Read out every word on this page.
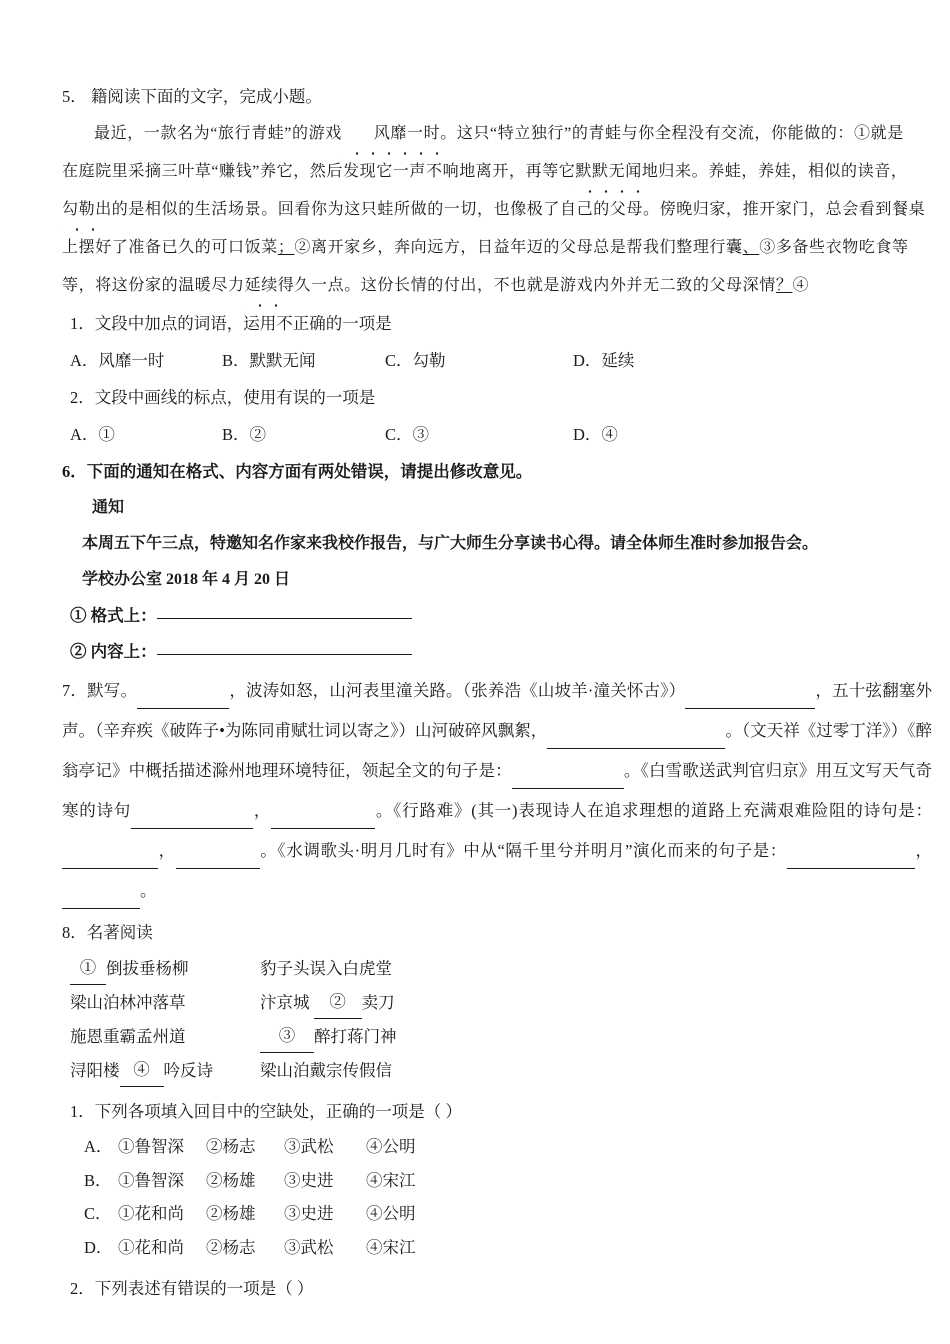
5． 籍阅读下面的文字，完成小题。

最近，一款名为“旅行青蛙”的游戏 风靡一时。这只“特立独行”的青蛙与你全程没有交流，你能做的：①就是

在庭院里采摘三叶草“赚钱”养它，然后发现它一声不响地离开，再等它默默无闻地归来。养蛙，养娃，相似的读音，

勾勒出的是相似的生活场景。回看你为这只蛙所做的一切，也像极了自己的父母。傍晚归家，推开家门，总会看到餐桌

上摆好了准备已久的可口饭菜；②离开家乡，奔向远方，日益年迈的父母总是帮我们整理行囊、③多备些衣物吃食等

等，将这份家的温暖尽力延续得久一点。这份长情的付出，不也就是游戏内外并无二致的父母深情？④

1．文段中加点的词语，运用不正确的一项是
A．风靡一时	B．默默无闻	C．勾勒	D．延续
2．文段中画线的标点，使用有误的一项是
A．①	B．②	C．③	D．④
6．下面的通知在格式、内容方面有两处错误，请提出修改意见。
通知
本周五下午三点，特邀知名作家来我校作报告，与广大师生分享读书心得。请全体师生准时参加报告会。
学校办公室 2018 年 4 月 20 日
① 格式上：
② 内容上：
7．默写。	，波涛如怒，山河表里潼关路。（张养浩《山坡羊·潼关怀古》）	，五十弦翻塞外声。（辛弃疾《破阵子•为陈同甫赋壮词以寄之》）山河破碎风飘絮，	。（文天祥《过零丁洋》）《醉翁亭记》中概括描述滁州地理环境特征，领起全文的句子是：	。《白雪歌送武判官归京》用互文写天气奇寒的诗句	，	。《行路难》(其一)表现诗人在追求理想的道路上充满艰难险阻的诗句是： ，	。《水调歌头·明月几时有》中从“隔千里兮并明月”演化而来的句子是：	， 。
8．名著阅读
① 倒拔垂杨柳	豹子头误入白虎堂
梁山泊林冲落草	汴京城 ② 卖刀
施恩重霸孟州道	③ 醉打蒋门神
浔阳楼 ④ 吟反诗	梁山泊戴宗传假信
1．下列各项填入回目中的空缺处，正确的一项是（ ）
A． ①鲁智深 ②杨志 ③武松 ④公明
B． ①鲁智深 ②杨雄 ③史进 ④宋江
C． ①花和尚 ②杨雄 ③史进 ④公明
D． ①花和尚 ②杨志 ③武松 ④宋江
2．下列表述有错误的一项是（ ）
